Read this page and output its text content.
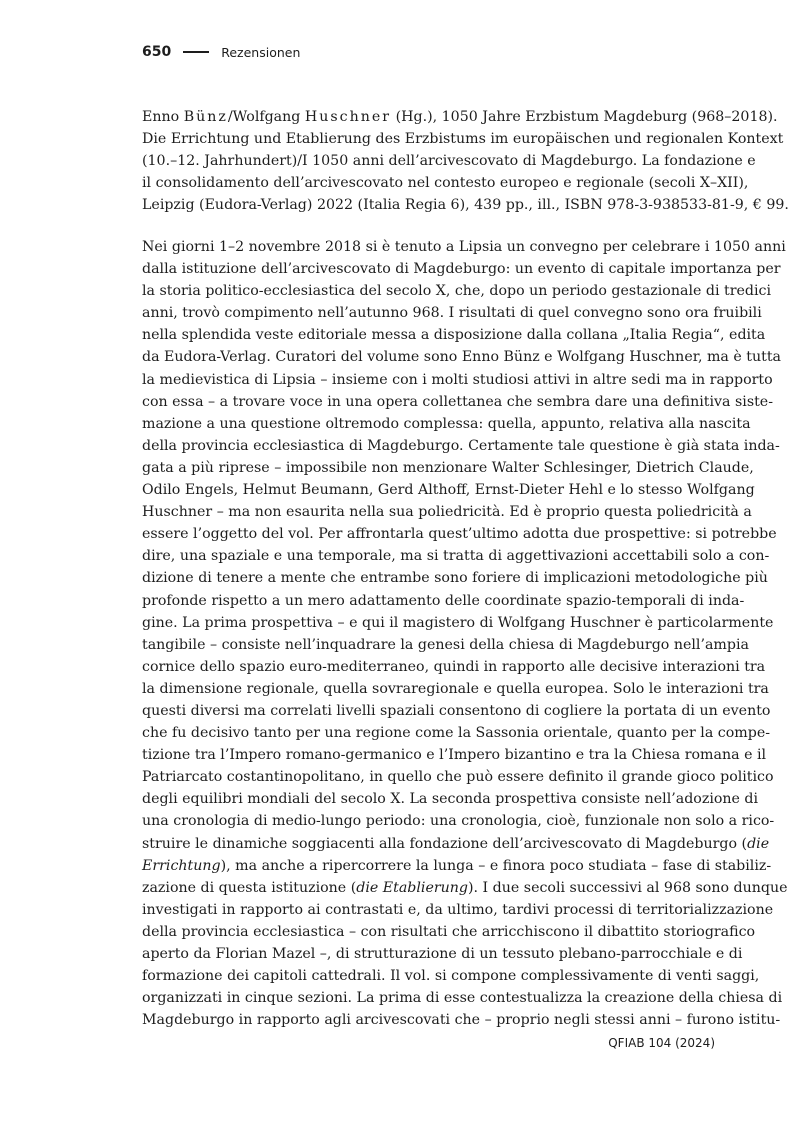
650	Rezensionen
Enno Bünz/Wolfgang Huschner (Hg.), 1050 Jahre Erzbistum Magdeburg (968–2018).
Die Errichtung und Etablierung des Erzbistums im europäischen und regionalen Kontext
(10.–12. Jahrhundert)/I 1050 anni dell’arcivescovato di Magdeburgo. La fondazione e
il consolidamento dell’arcivescovato nel contesto europeo e regionale (secoli X–XII),
Leipzig (Eudora-Verlag) 2022 (Italia Regia 6), 439 pp., ill., ISBN 978-3-938533-81-9, € 99.
Nei giorni 1–2 novembre 2018 si è tenuto a Lipsia un convegno per celebrare i 1050 anni
dalla istituzione dell’arcivescovato di Magdeburgo: un evento di capitale importanza per
la storia politico-ecclesiastica del secolo X, che, dopo un periodo gestazionale di tredici
anni, trovò compimento nell’autunno 968. I risultati di quel convegno sono ora fruibili
nella splendida veste editoriale messa a disposizione dalla collana „Italia Regia“, edita
da Eudora-Verlag. Curatori del volume sono Enno Bünz e Wolfgang Huschner, ma è tutta
la medievistica di Lipsia – insieme con i molti studiosi attivi in altre sedi ma in rapporto
con essa – a trovare voce in una opera collettanea che sembra dare una definitiva siste-
mazione a una questione oltremodo complessa: quella, appunto, relativa alla nascita
della provincia ecclesiastica di Magdeburgo. Certamente tale questione è già stata inda-
gata a più riprese – impossibile non menzionare Walter Schlesinger, Dietrich Claude,
Odilo Engels, Helmut Beumann, Gerd Althoff, Ernst-Dieter Hehl e lo stesso Wolfgang
Huschner – ma non esaurita nella sua poliedricità. Ed è proprio questa poliedricità a
essere l’oggetto del vol. Per affrontarla quest’ultimo adotta due prospettive: si potrebbe
dire, una spaziale e una temporale, ma si tratta di aggettivazioni accettabili solo a con-
dizione di tenere a mente che entrambe sono foriere di implicazioni metodologiche più
profonde rispetto a un mero adattamento delle coordinate spazio-temporali di inda-
gine. La prima prospettiva – e qui il magistero di Wolfgang Huschner è particolarmente
tangibile – consiste nell’inquadrare la genesi della chiesa di Magdeburgo nell’ampia
cornice dello spazio euro-mediterraneo, quindi in rapporto alle decisive interazioni tra
la dimensione regionale, quella sovraregionale e quella europea. Solo le interazioni tra
questi diversi ma correlati livelli spaziali consentono di cogliere la portata di un evento
che fu decisivo tanto per una regione come la Sassonia orientale, quanto per la compe-
tizione tra l’Impero romano-germanico e l’Impero bizantino e tra la Chiesa romana e il
Patriarcato costantinopolitano, in quello che può essere definito il grande gioco politico
degli equilibri mondiali del secolo X. La seconda prospettiva consiste nell’adozione di
una cronologia di medio-lungo periodo: una cronologia, cioè, funzionale non solo a rico-
struire le dinamiche soggiacenti alla fondazione dell’arcivescovato di Magdeburgo (die
Errichtung), ma anche a ripercorrere la lunga – e finora poco studiata – fase di stabiliz-
zazione di questa istituzione (die Etablierung). I due secoli successivi al 968 sono dunque
investigati in rapporto ai contrastati e, da ultimo, tardivi processi di territorializzazione
della provincia ecclesiastica – con risultati che arricchiscono il dibattito storiografico
aperto da Florian Mazel –, di strutturazione di un tessuto plebano-parrocchiale e di
formazione dei capitoli cattedrali. Il vol. si compone complessivamente di venti saggi,
organizzati in cinque sezioni. La prima di esse contestualizza la creazione della chiesa di
Magdeburgo in rapporto agli arcivescovati che – proprio negli stessi anni – furono istitu-
QFIAB 104 (2024)
